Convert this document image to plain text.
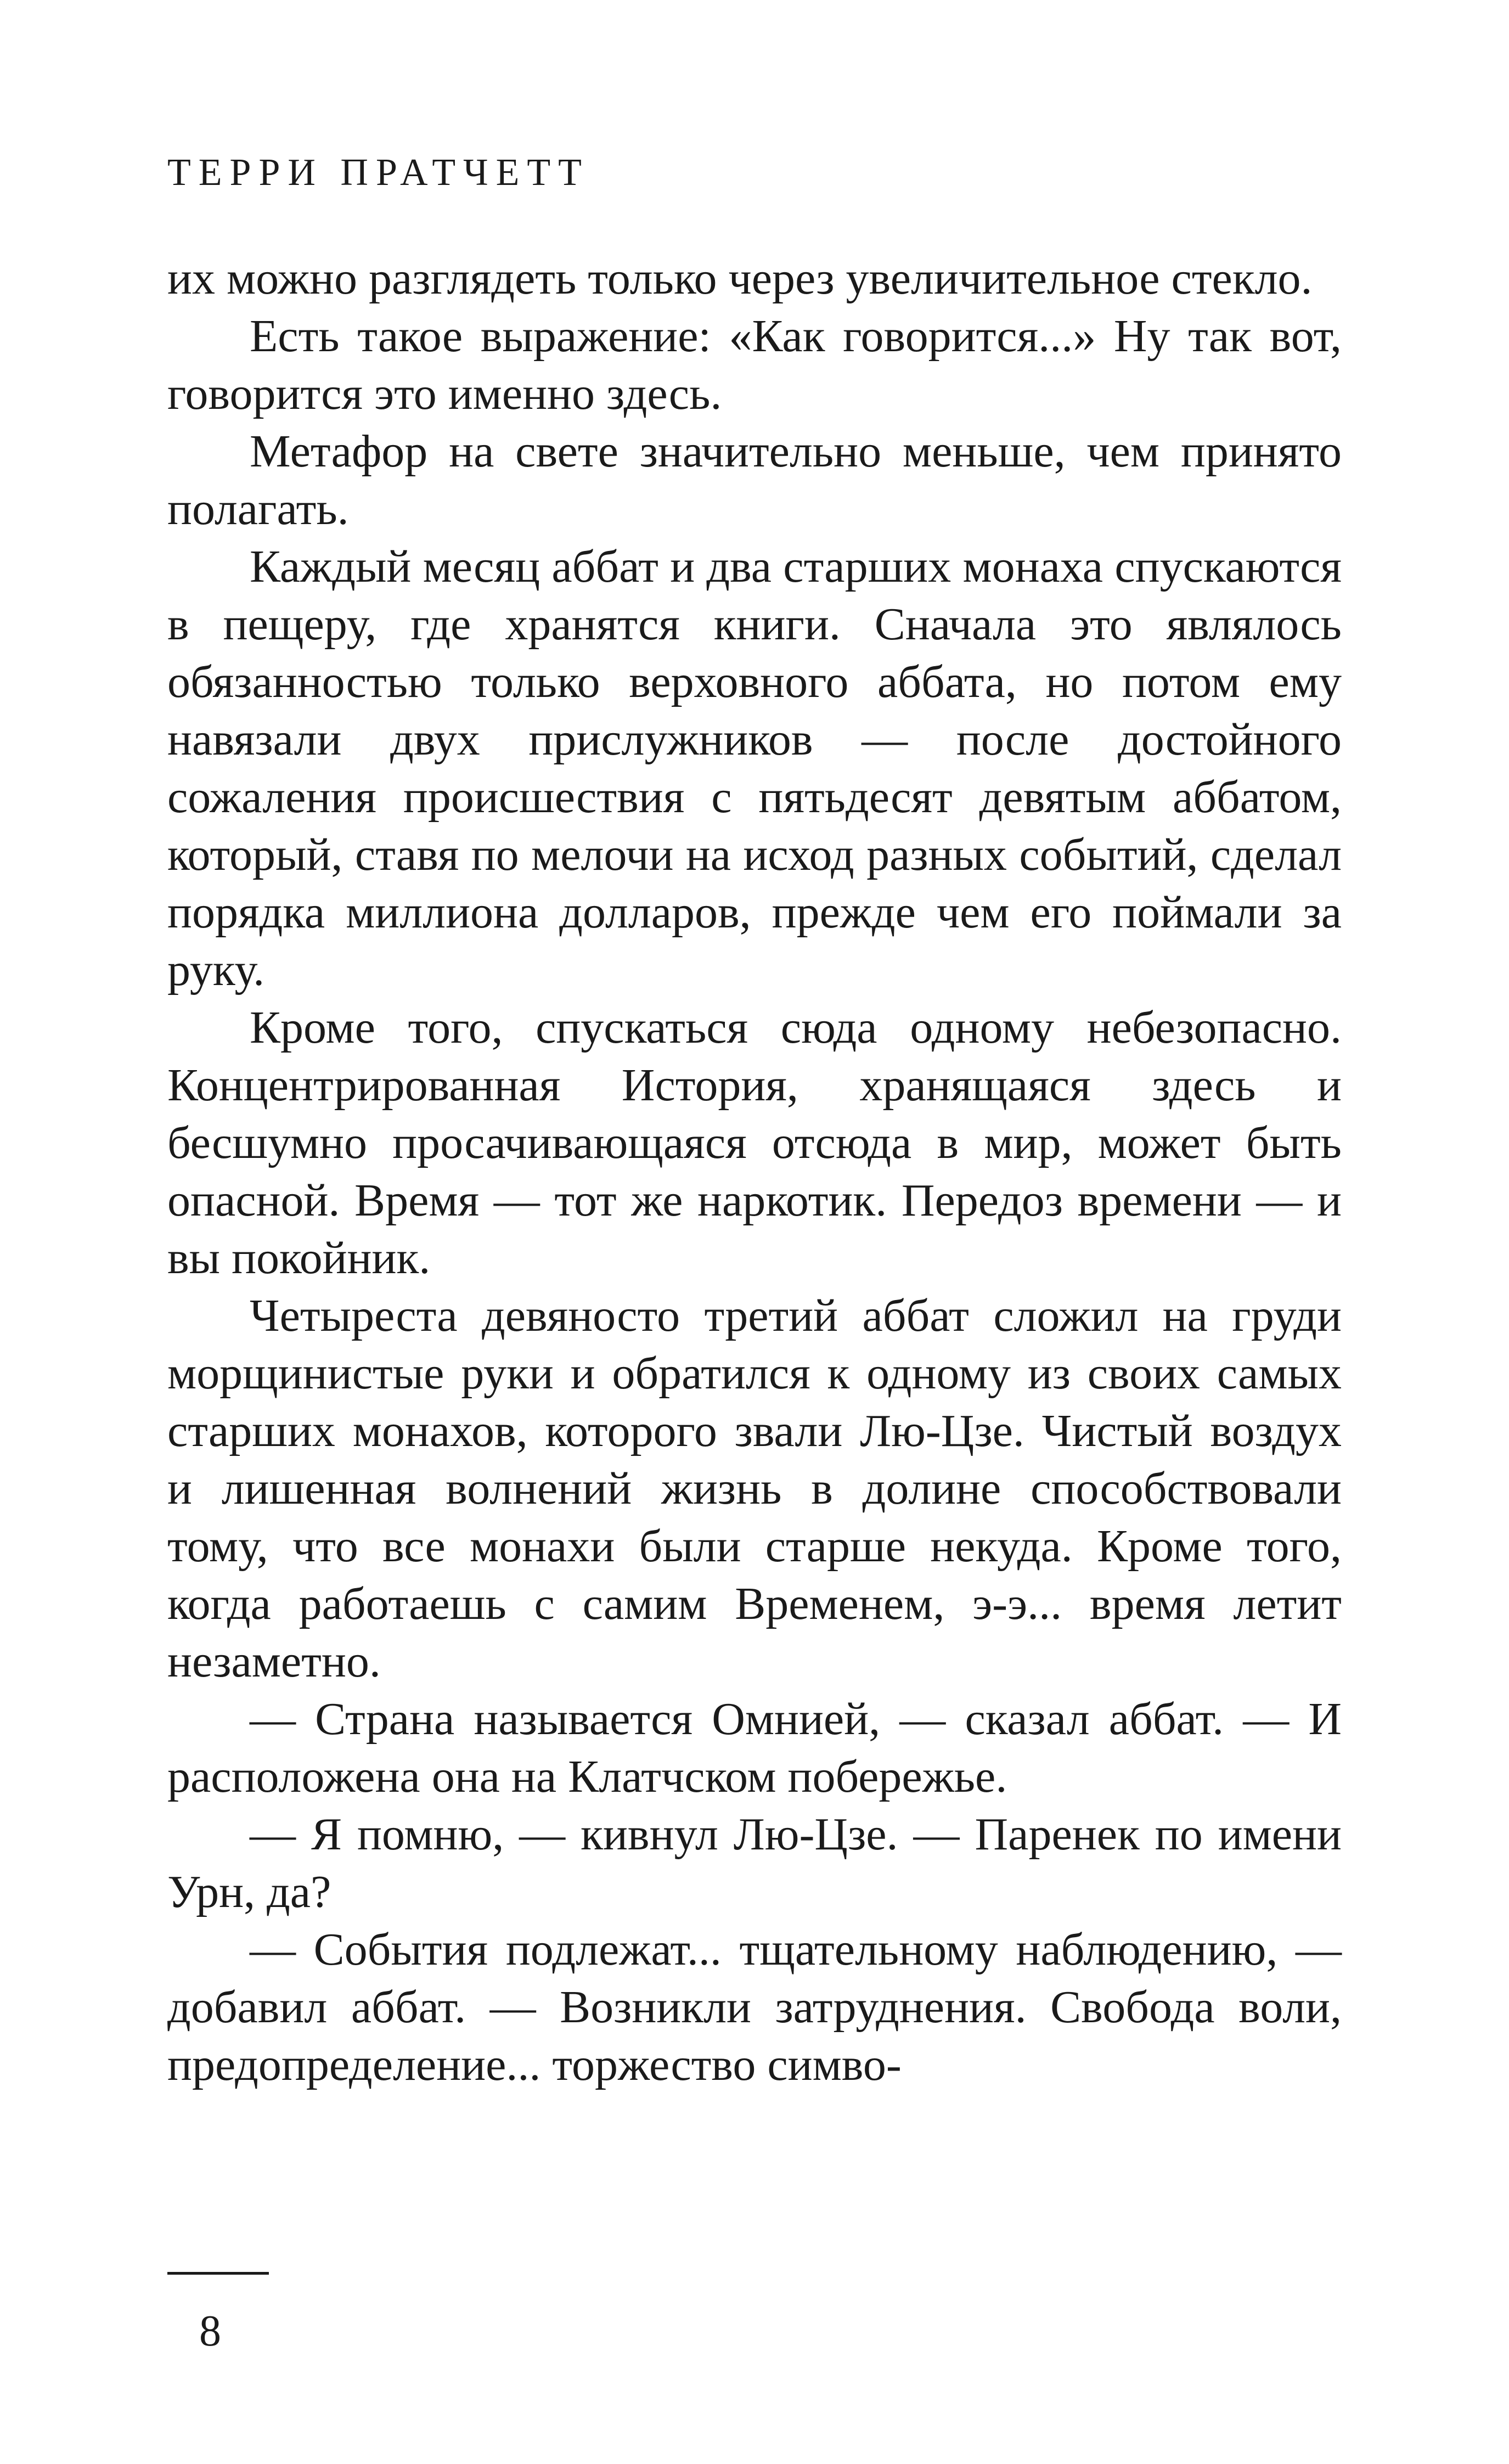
ТЕРРИ ПРАТЧЕТТ

их можно разглядеть только через увеличительное стекло.

Есть такое выражение: «Как говорится...» Ну так вот, говорится это именно здесь.

Метафор на свете значительно меньше, чем принято полагать.

Каждый месяц аббат и два старших монаха спускаются в пещеру, где хранятся книги. Сначала это являлось обязанностью только верховного аббата, но потом ему навязали двух прислужников — после достойного сожаления происшествия с пятьдесят девятым аббатом, который, ставя по мелочи на исход разных событий, сделал порядка миллиона долларов, прежде чем его поймали за руку.

Кроме того, спускаться сюда одному небезопасно. Концентрированная История, хранящаяся здесь и бесшумно просачивающаяся отсюда в мир, может быть опасной. Время — тот же наркотик. Передоз времени — и вы покойник.

Четыреста девяносто третий аббат сложил на груди морщинистые руки и обратился к одному из своих самых старших монахов, которого звали Лю-Цзе. Чистый воздух и лишенная волнений жизнь в долине способствовали тому, что все монахи были старше некуда. Кроме того, когда работаешь с самим Временем, э-э... время летит незаметно.

— Страна называется Омнией, — сказал аббат. — И расположена она на Клатчском побережье.

— Я помню, — кивнул Лю-Цзе. — Паренек по имени Урн, да?

— События подлежат... тщательному наблюдению, — добавил аббат. — Возникли затруднения. Свобода воли, предопределение... торжество симво-

8
